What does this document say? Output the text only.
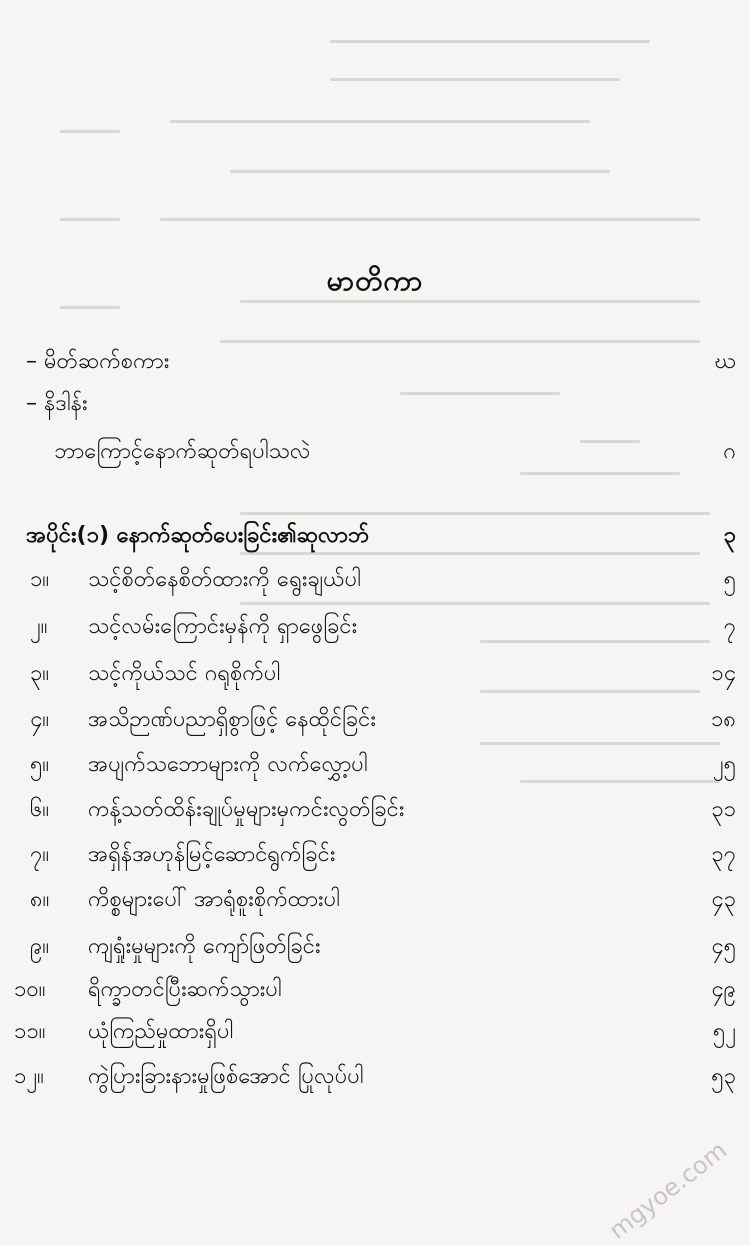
မာတိကာ
– မိတ်ဆက်စကား	ဃ
– နိဒါန်း
ဘာကြောင့်နောက်ဆုတ်ရပါသလဲ	ဂ
အပိုင်း(၁) နောက်ဆုတ်ပေးခြင်း၏ဆုလာဘ်	၃
၁။ သင့်စိတ်နေစိတ်ထားကို ရွေးချယ်ပါ	၅
၂။ သင့်လမ်းကြောင်းမှန်ကို ရှာဖွေခြင်း	၇
၃။ သင့်ကိုယ်သင် ဂရုစိုက်ပါ	၁၄
၄။ အသိဉာဏ်ပညာရှိစွာဖြင့် နေထိုင်ခြင်း	၁၈
၅။ အပျက်သဘောများကို လက်လွှော့ပါ	၂၅
၆။ ကန့်သတ်ထိန်းချုပ်မှုများမှကင်းလွတ်ခြင်း	၃၁
၇။ အရှိန်အဟုန်မြင့်ဆောင်ရွက်ခြင်း	၃၇
၈။ ကိစ္စများပေါ် အာရုံစူးစိုက်ထားပါ	၄၃
၉။ ကျရှုံးမှုများကို ကျော်ဖြတ်ခြင်း	၄၅
၁၀။ ရိက္ခာတင်ပြီးဆက်သွားပါ	၄၉
၁၁။ ယုံကြည်မှုထားရှိပါ	၅၂
၁၂။ ကွဲပြားခြားနားမှုဖြစ်အောင် ပြုလုပ်ပါ	၅၃
mgyoe.com
